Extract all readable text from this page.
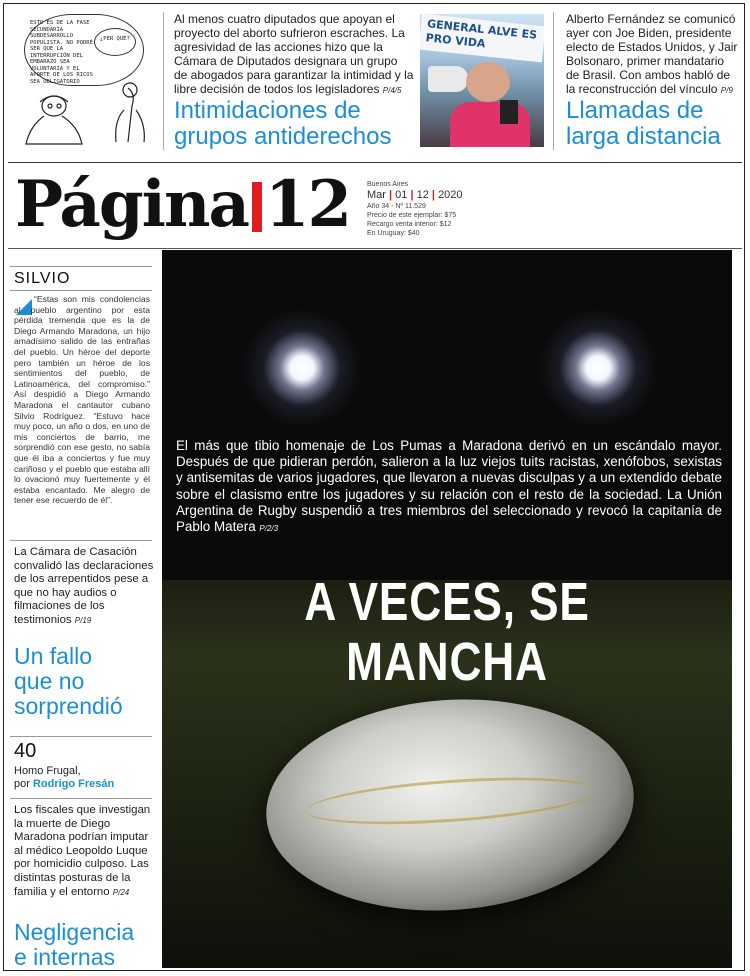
ESTO ES DE LA FASE SECUNDARIA SUBDESARROLLO POPULISTA. NO PODRÉ SER QUE LA INTERRUPCIÓN DEL EMBARAZO SEA VOLUNTARIA Y EL APORTE DE LOS RICOS SEA OBLIGATORIO
¿PER QUÉ?
Al menos cuatro diputados que apoyan el proyecto del aborto sufrieron escraches. La agresividad de las acciones hizo que la Cámara de Diputados designara un grupo de abogados para garantizar la intimidad y la libre decisión de todos los legisladores P/4/5
Intimidaciones de
grupos antiderechos
GENERAL ALVE ES PRO VIDA
Alberto Fernández se comunicó ayer con Joe Biden, presidente electo de Estados Unidos, y Jair Bolsonaro, primer mandatario de Brasil. Con ambos habló de la reconstrucción del vínculo P/9
Llamadas de
larga distancia
Página 12 Buenos Aires
Mar | 01 | 12 | 2020
Año 34 - Nº 11.529
Precio de este ejemplar: $75
Recargo venta interior: $12
En Uruguay: $40
SILVIO
“Estas son mis condolencias al pueblo argentino por esta pérdida tremenda que es la de Diego Armando Maradona, un hijo amadísimo salido de las entrañas del pueblo. Un héroe del deporte pero también un héroe de los sentimientos del pueblo, de Latinoamérica, del compromiso.” Así despidió a Diego Armando Maradona el cantautor cubano Silvio Rodríguez. “Estuvo hace muy poco, un año o dos, en uno de mis conciertos de barrio, me sorprendió con ese gesto, no sabía que él iba a conciertos y fue muy cariñoso y el pueblo que estaba allí lo ovacionó muy fuertemente y él estaba encantado. Me alegro de tener ese recuerdo de él”.
La Cámara de Casación convalidó las declaraciones de los arrepentidos pese a que no hay audios o filmaciones de los testimonios P/19
Un fallo
que no
sorprendió
40
Homo Frugal,
por Rodrigo Fresán
Los fiscales que investigan la muerte de Diego Maradona podrían imputar al médico Leopoldo Luque por homicidio culposo. Las distintas posturas de la familia y el entorno P/24
Negligencia
e internas
El más que tibio homenaje de Los Pumas a Maradona derivó en un escándalo mayor. Después de que pidieran perdón, salieron a la luz viejos tuits racistas, xenófobos, sexistas y antisemitas de varios jugadores, que llevaron a nuevas disculpas y a un extendido debate sobre el clasismo entre los jugadores y su relación con el resto de la sociedad. La Unión Argentina de Rugby suspendió a tres miembros del seleccionado y revocó la capitanía de Pablo Matera P/2/3
A VECES, SE MANCHA
